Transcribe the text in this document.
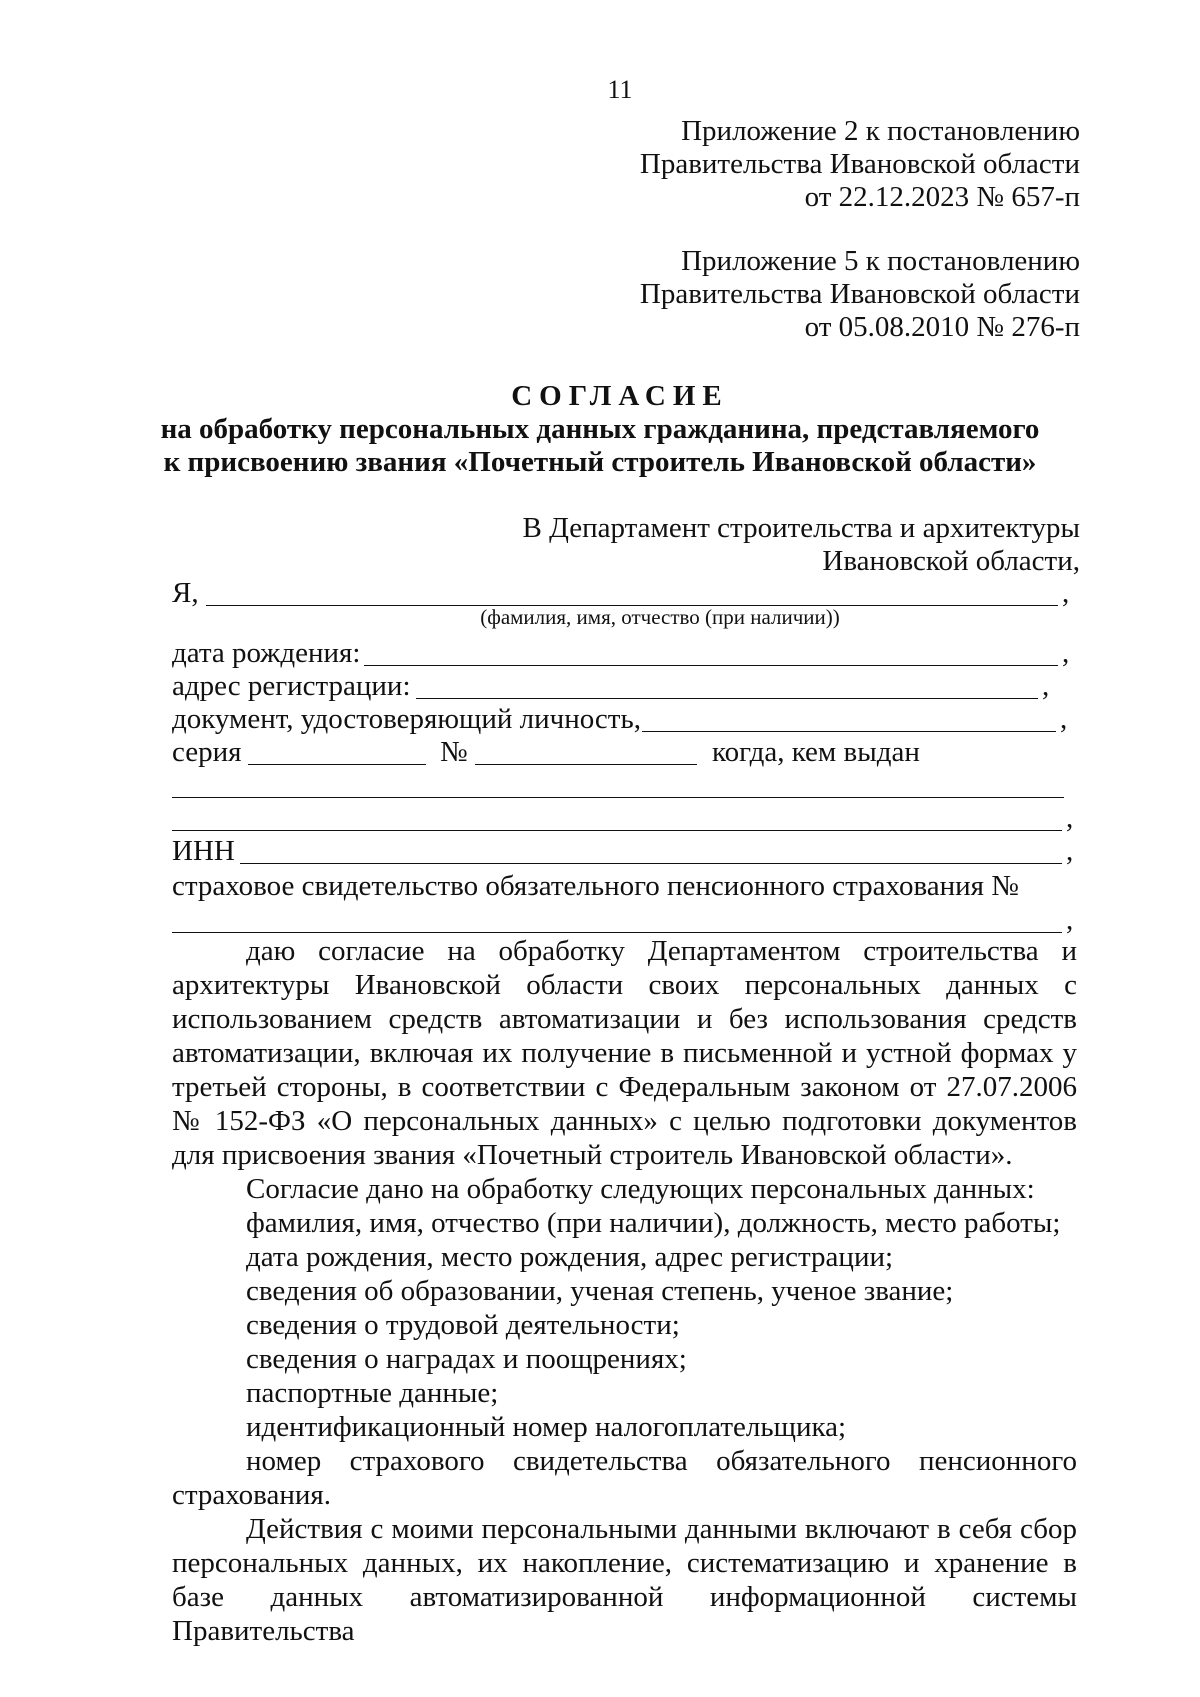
11
Приложение 2 к постановлению
Правительства Ивановской области
от 22.12.2023 № 657-п
Приложение 5 к постановлению
Правительства Ивановской области
от 05.08.2010 № 276-п
СОГЛАСИЕ
на обработку персональных данных гражданина, представляемого
к присвоению звания «Почетный строитель Ивановской области»
В Департамент строительства и архитектуры
Ивановской области,
Я,	,
(фамилия, имя, отчество (при наличии))
дата рождения:	,
адрес регистрации:	,
документ, удостоверяющий личность,	,
серия	№	когда, кем выдан
,
ИНН	,
страховое свидетельство обязательного пенсионного страхования №
,
даю согласие на обработку Департаментом строительства и архитектуры Ивановской области своих персональных данных с использованием средств автоматизации и без использования средств автоматизации, включая их получение в письменной и устной формах у третьей стороны, в соответствии с Федеральным законом от 27.07.2006 № 152-ФЗ «О персональных данных» с целью подготовки документов для присвоения звания «Почетный строитель Ивановской области».
Согласие дано на обработку следующих персональных данных:
фамилия, имя, отчество (при наличии), должность, место работы;
дата рождения, место рождения, адрес регистрации;
сведения об образовании, ученая степень, ученое звание;
сведения о трудовой деятельности;
сведения о наградах и поощрениях;
паспортные данные;
идентификационный номер налогоплательщика;
номер страхового свидетельства обязательного пенсионного страхования.
Действия с моими персональными данными включают в себя сбор персональных данных, их накопление, систематизацию и хранение в базе данных автоматизированной информационной системы Правительства
